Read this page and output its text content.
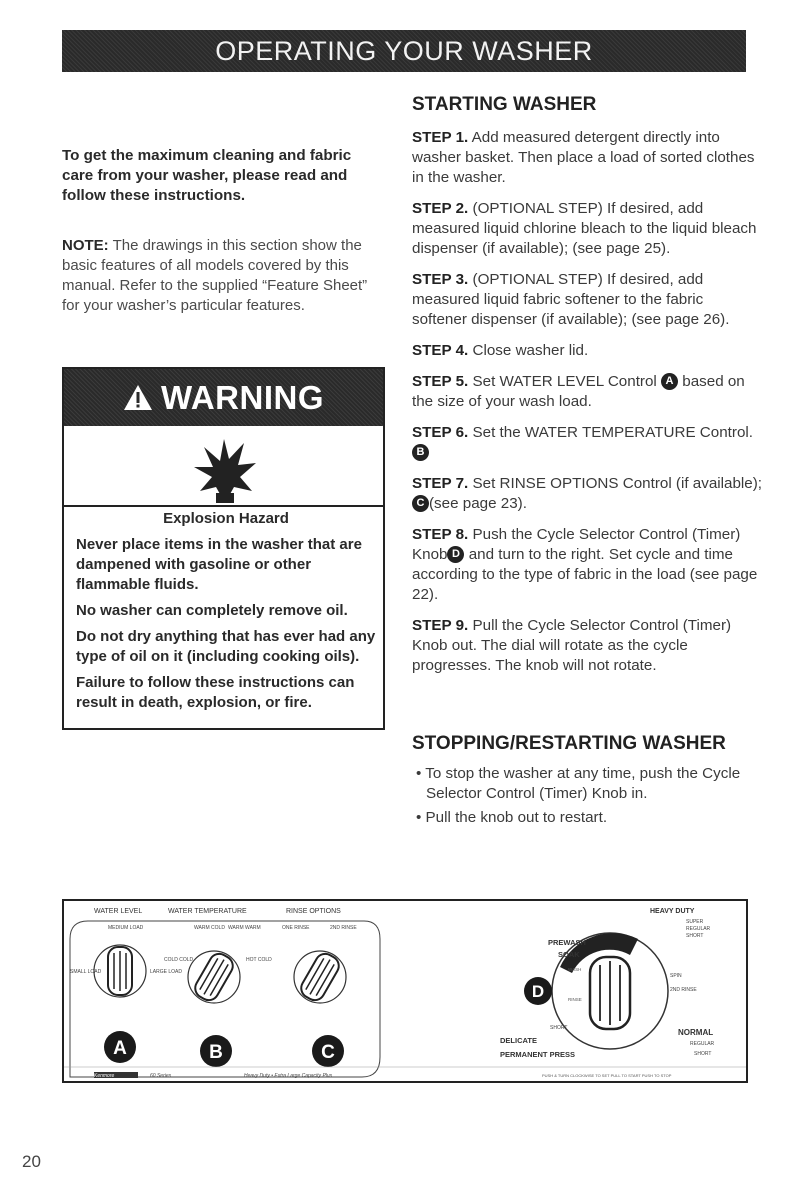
OPERATING YOUR WASHER
To get the maximum cleaning and fabric care from your washer, please read and follow these instructions.
NOTE: The drawings in this section show the basic features of all models covered by this manual. Refer to the supplied “Feature Sheet” for your washer’s particular features.
WARNING
Explosion Hazard

Never place items in the washer that are dampened with gasoline or other flammable fluids.

No washer can completely remove oil.

Do not dry anything that has ever had any type of oil on it (including cooking oils).

Failure to follow these instructions can result in death, explosion, or fire.

STARTING WASHER

STEP 1. Add measured detergent directly into washer basket. Then place a load of sorted clothes in the washer.

STEP 2. (OPTIONAL STEP) If desired, add measured liquid chlorine bleach to the liquid bleach dispenser (if available); (see page 25).

STEP 3. (OPTIONAL STEP) If desired, add measured liquid fabric softener to the fabric softener dispenser (if available); (see page 26).

STEP 4. Close washer lid.

STEP 5. Set WATER LEVEL Control A based on the size of your wash load.

STEP 6. Set the WATER TEMPERATURE Control. B

STEP 7. Set RINSE OPTIONS Control (if available);C (see page 23).

STEP 8. Push the Cycle Selector Control (Timer) Knob D and turn to the right. Set cycle and time according to the type of fabric in the load (see page 22).

STEP 9. Pull the Cycle Selector Control (Timer) Knob out. The dial will rotate as the cycle progresses. The knob will not rotate.

STOPPING/RESTARTING WASHER
• To stop the washer at any time, push the Cycle Selector Control (Timer) Knob in.
• Pull the knob out to restart.
WATER LEVEL	WATER TEMPERATURE	RINSE OPTIONS
MEDIUM LOAD
SMALL LOAD	LARGE LOAD
WARM COLD WARM WARM
COLD COLD	HOT COLD
ONE RINSE	2ND RINSE
A	B	C
D
HEAVY DUTY
SUPER
REGULAR
SHORT
PREWASH
SOAK
SPIN
2ND RINSE
RINSE
WASH
SHORT
DELICATE
PERMANENT PRESS
NORMAL
REGULAR
SHORT
Kenmore	60 Series	Heavy Duty • Extra Large Capacity Plus	PUSH & TURN CLOCKWISE TO SET PULL TO START PUSH TO STOP
20
